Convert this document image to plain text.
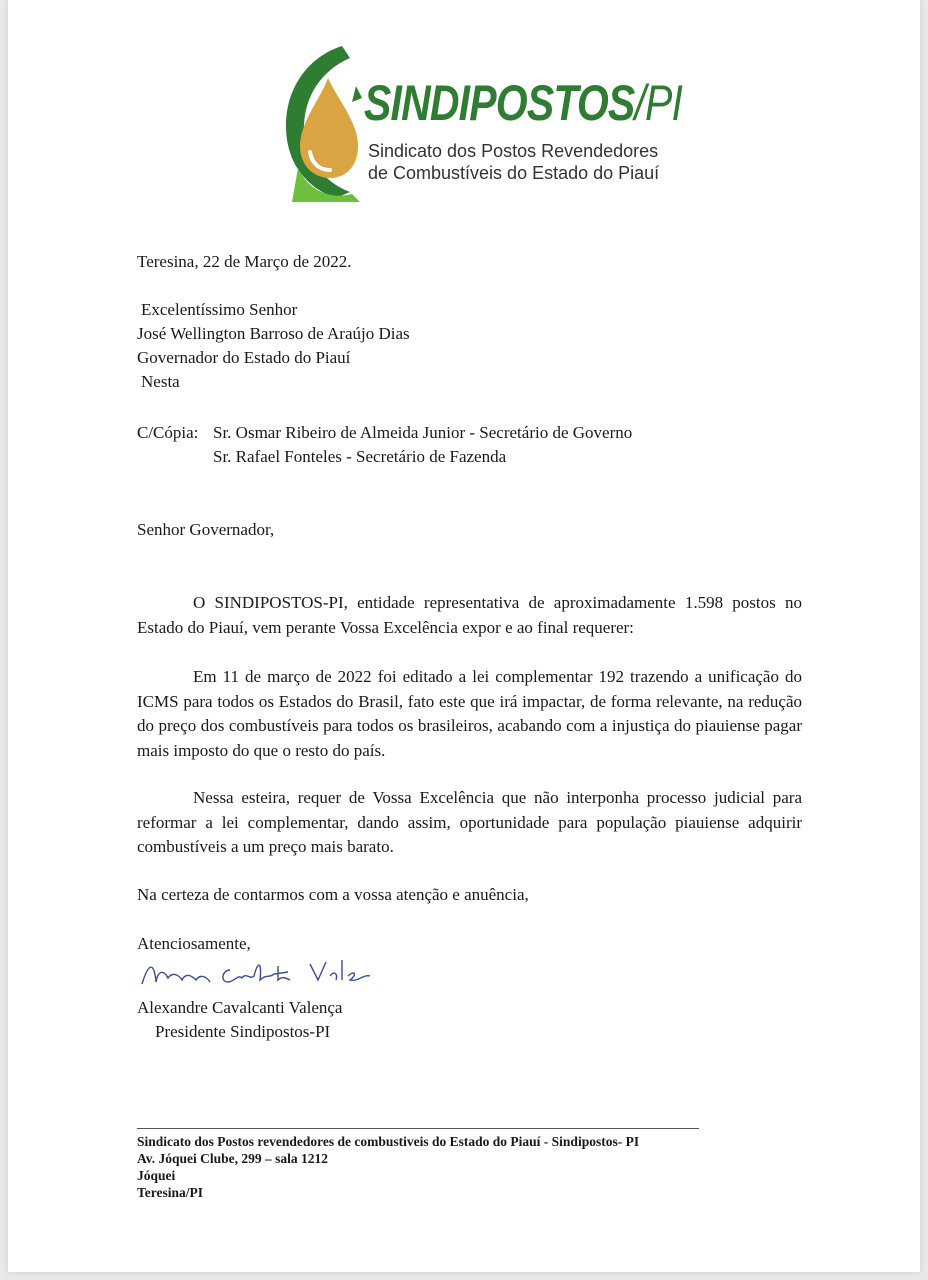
SINDIPOSTOS/PI
Sindicato dos Postos Revendedores
de Combustíveis do Estado do Piauí
Teresina, 22 de Março de 2022.
Excelentíssimo Senhor
José Wellington Barroso de Araújo Dias
Governador do Estado do Piauí
Nesta
C/Cópia: Sr. Osmar Ribeiro de Almeida Junior - Secretário de Governo
Sr. Rafael Fonteles - Secretário de Fazenda
Senhor Governador,

O SINDIPOSTOS-PI, entidade representativa de aproximadamente 1.598 postos no Estado do Piauí, vem perante Vossa Excelência expor e ao final requerer:

Em 11 de março de 2022 foi editado a lei complementar 192 trazendo a unificação do ICMS para todos os Estados do Brasil, fato este que irá impactar, de forma relevante, na redução do preço dos combustíveis para todos os brasileiros, acabando com a injustiça do piauiense pagar mais imposto do que o resto do país.

Nessa esteira, requer de Vossa Excelência que não interponha processo judicial para reformar a lei complementar, dando assim, oportunidade para população piauiense adquirir combustíveis a um preço mais barato.

Na certeza de contarmos com a vossa atenção e anuência,
Atenciosamente,
Alexandre Cavalcanti Valença
Presidente Sindipostos-PI
Sindicato dos Postos revendedores de combustiveis do Estado do Piauí - Sindipostos- PI
Av. Jóquei Clube, 299 – sala 1212
Jóquei
Teresina/PI
